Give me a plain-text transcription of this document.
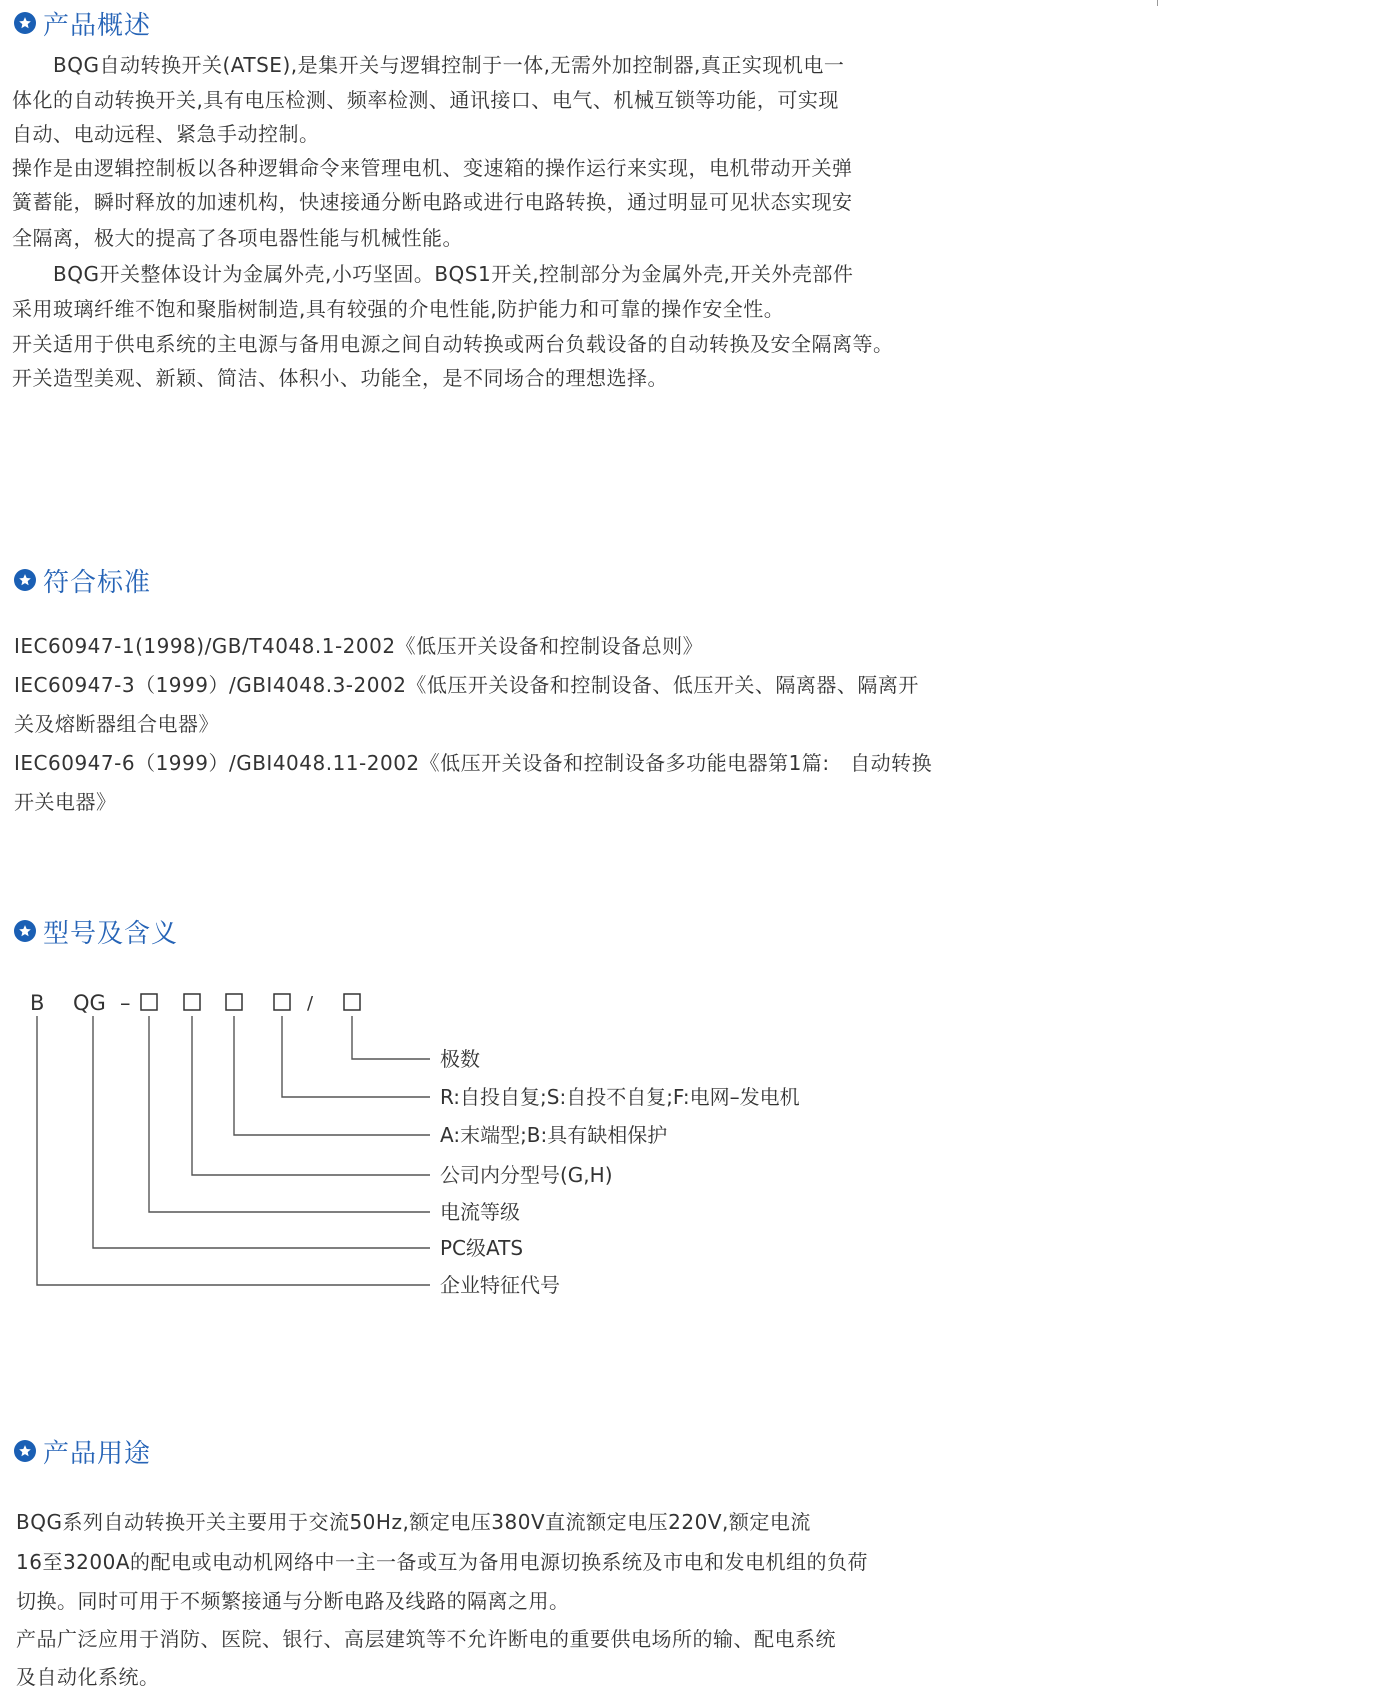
产品概述
　　BQG自动转换开关(ATSE),是集开关与逻辑控制于一体,无需外加控制器,真正实现机电一
体化的自动转换开关,具有电压检测、频率检测、通讯接口、电气、机械互锁等功能，可实现
自动、电动远程、紧急手动控制。
操作是由逻辑控制板以各种逻辑命令来管理电机、变速箱的操作运行来实现，电机带动开关弹
簧蓄能，瞬时释放的加速机构，快速接通分断电路或进行电路转换，通过明显可见状态实现安
全隔离，极大的提高了各项电器性能与机械性能。
　　BQG开关整体设计为金属外壳,小巧坚固。BQS1开关,控制部分为金属外壳,开关外壳部件
采用玻璃纤维不饱和聚脂树制造,具有较强的介电性能,防护能力和可靠的操作安全性。
开关适用于供电系统的主电源与备用电源之间自动转换或两台负载设备的自动转换及安全隔离等。
开关造型美观、新颖、简洁、体积小、功能全，是不同场合的理想选择。
符合标准
IEC60947-1(1998)/GB/T4048.1-2002《低压开关设备和控制设备总则》
IEC60947-3（1999）/GBI4048.3-2002《低压开关设备和控制设备、低压开关、隔离器、隔离开
关及熔断器组合电器》
IEC60947-6（1999）/GBI4048.11-2002《低压开关设备和控制设备多功能电器第1篇:　自动转换
开关电器》
型号及含义
B QG –	/
极数
R:自投自复;S:自投不自复;F:电网–发电机
A:末端型;B:具有缺相保护
公司内分型号(G,H)
电流等级
PC级ATS
企业特征代号
产品用途
BQG系列自动转换开关主要用于交流50Hz,额定电压380V直流额定电压220V,额定电流
16至3200A的配电或电动机网络中一主一备或互为备用电源切换系统及市电和发电机组的负荷
切换。同时可用于不频繁接通与分断电路及线路的隔离之用。
产品广泛应用于消防、医院、银行、高层建筑等不允许断电的重要供电场所的输、配电系统
及自动化系统。
